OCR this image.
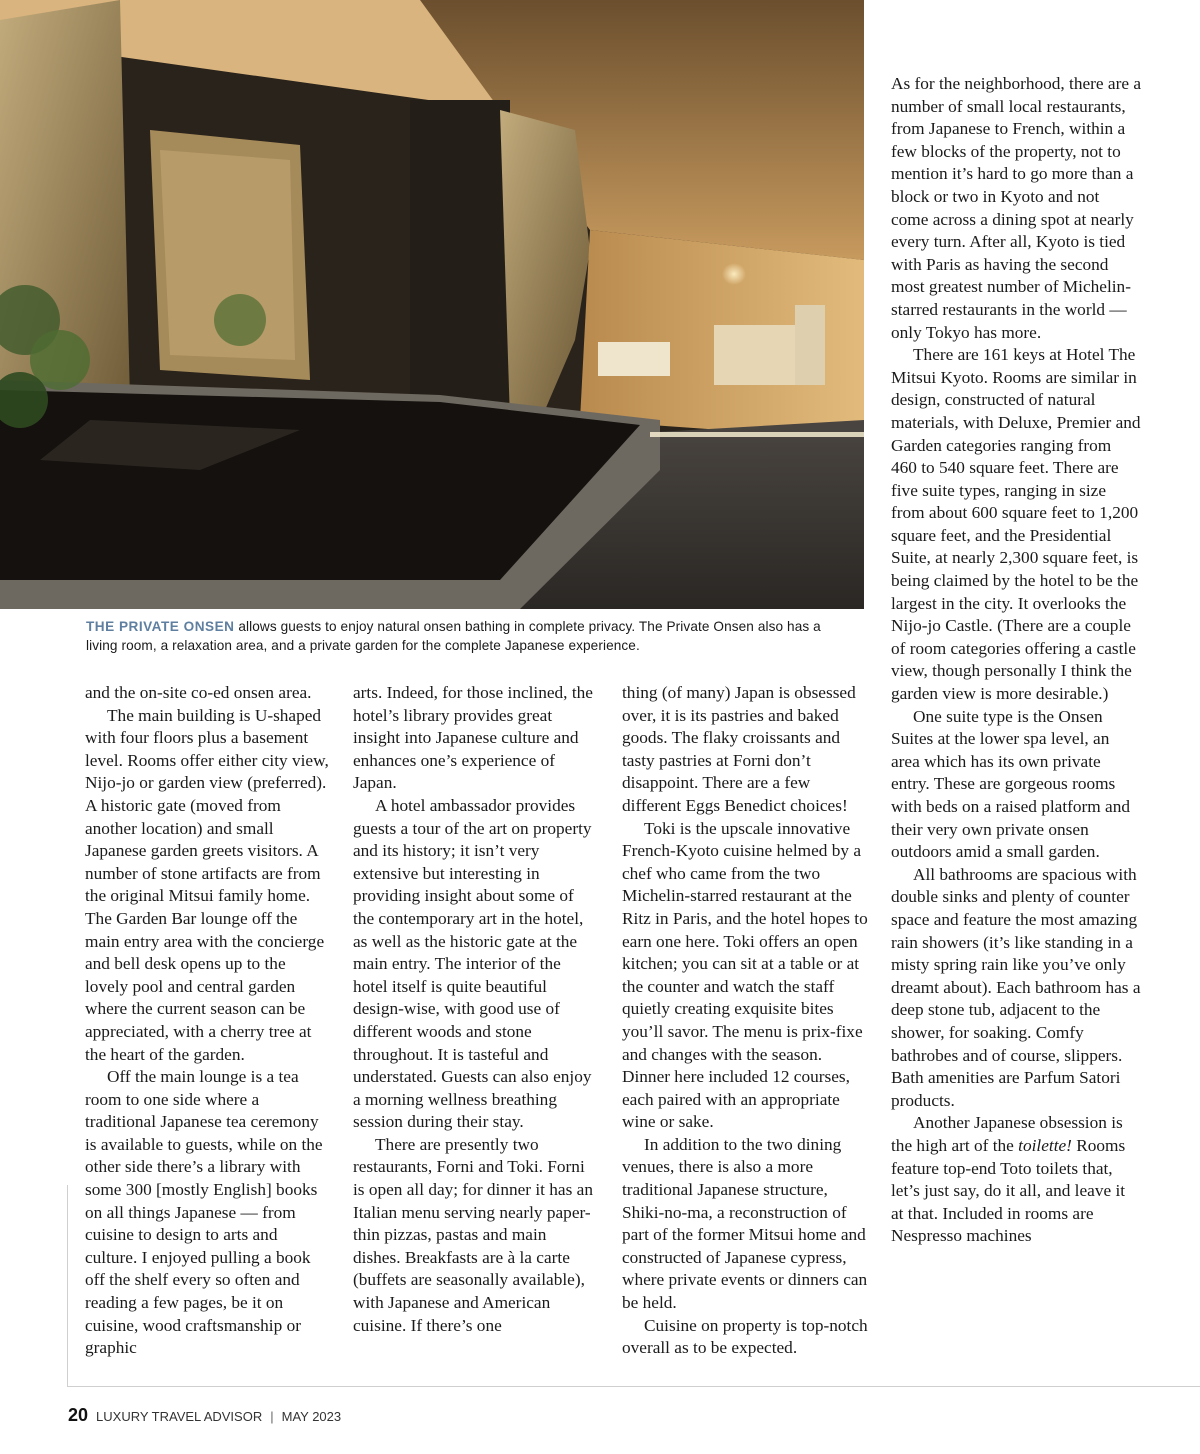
THE PRIVATE ONSEN allows guests to enjoy natural onsen bathing in complete privacy. The Private Onsen also has a living room, a relaxation area, and a private garden for the complete Japanese experience.

and the on-site co-ed onsen area.

The main building is U-shaped with four floors plus a basement level. Rooms offer either city view, Nijo-jo or garden view (preferred). A historic gate (moved from another location) and small Japanese garden greets visitors. A number of stone artifacts are from the original Mitsui family home. The Garden Bar lounge off the main entry area with the concierge and bell desk opens up to the lovely pool and central garden where the current season can be appreciated, with a cherry tree at the heart of the garden.

Off the main lounge is a tea room to one side where a traditional Japanese tea ceremony is available to guests, while on the other side there’s a library with some 300 [mostly English] books on all things Japanese — from cuisine to design to arts and culture. I enjoyed pulling a book off the shelf every so often and reading a few pages, be it on cuisine, wood craftsmanship or graphic

arts. Indeed, for those inclined, the hotel’s library provides great insight into Japanese culture and enhances one’s experience of Japan.

A hotel ambassador provides guests a tour of the art on property and its history; it isn’t very extensive but interesting in providing insight about some of the contemporary art in the hotel, as well as the historic gate at the main entry. The interior of the hotel itself is quite beautiful design-wise, with good use of different woods and stone throughout. It is tasteful and understated. Guests can also enjoy a morning wellness breathing session during their stay.

There are presently two restaurants, Forni and Toki. Forni is open all day; for dinner it has an Italian menu serving nearly paper-thin pizzas, pastas and main dishes. Breakfasts are à la carte (buffets are seasonally available), with Japanese and American cuisine. If there’s one

thing (of many) Japan is obsessed over, it is its pastries and baked goods. The flaky croissants and tasty pastries at Forni don’t disappoint. There are a few different Eggs Benedict choices!

Toki is the upscale innovative French-Kyoto cuisine helmed by a chef who came from the two Michelin-starred restaurant at the Ritz in Paris, and the hotel hopes to earn one here. Toki offers an open kitchen; you can sit at a table or at the counter and watch the staff quietly creating exquisite bites you’ll savor. The menu is prix-fixe and changes with the season. Dinner here included 12 courses, each paired with an appropriate wine or sake.

In addition to the two dining venues, there is also a more traditional Japanese structure, Shiki-no-ma, a reconstruction of part of the former Mitsui home and constructed of Japanese cypress, where private events or dinners can be held.

Cuisine on property is top-notch overall as to be expected.

As for the neighborhood, there are a number of small local restaurants, from Japanese to French, within a few blocks of the property, not to mention it’s hard to go more than a block or two in Kyoto and not come across a dining spot at nearly every turn. After all, Kyoto is tied with Paris as having the second most greatest number of Michelin-starred restaurants in the world — only Tokyo has more.

There are 161 keys at Hotel The Mitsui Kyoto. Rooms are similar in design, constructed of natural materials, with Deluxe, Premier and Garden categories ranging from 460 to 540 square feet. There are five suite types, ranging in size from about 600 square feet to 1,200 square feet, and the Presidential Suite, at nearly 2,300 square feet, is being claimed by the hotel to be the largest in the city. It overlooks the Nijo-jo Castle. (There are a couple of room categories offering a castle view, though personally I think the garden view is more desirable.)

One suite type is the Onsen Suites at the lower spa level, an area which has its own private entry. These are gorgeous rooms with beds on a raised platform and their very own private onsen outdoors amid a small garden.

All bathrooms are spacious with double sinks and plenty of counter space and feature the most amazing rain showers (it’s like standing in a misty spring rain like you’ve only dreamt about). Each bathroom has a deep stone tub, adjacent to the shower, for soaking. Comfy bathrobes and of course, slippers. Bath amenities are Parfum Satori products.

Another Japanese obsession is the high art of the toilette! Rooms feature top-end Toto toilets that, let’s just say, do it all, and leave it at that. Included in rooms are Nespresso machines

20 LUXURY TRAVEL ADVISOR | MAY 2023
